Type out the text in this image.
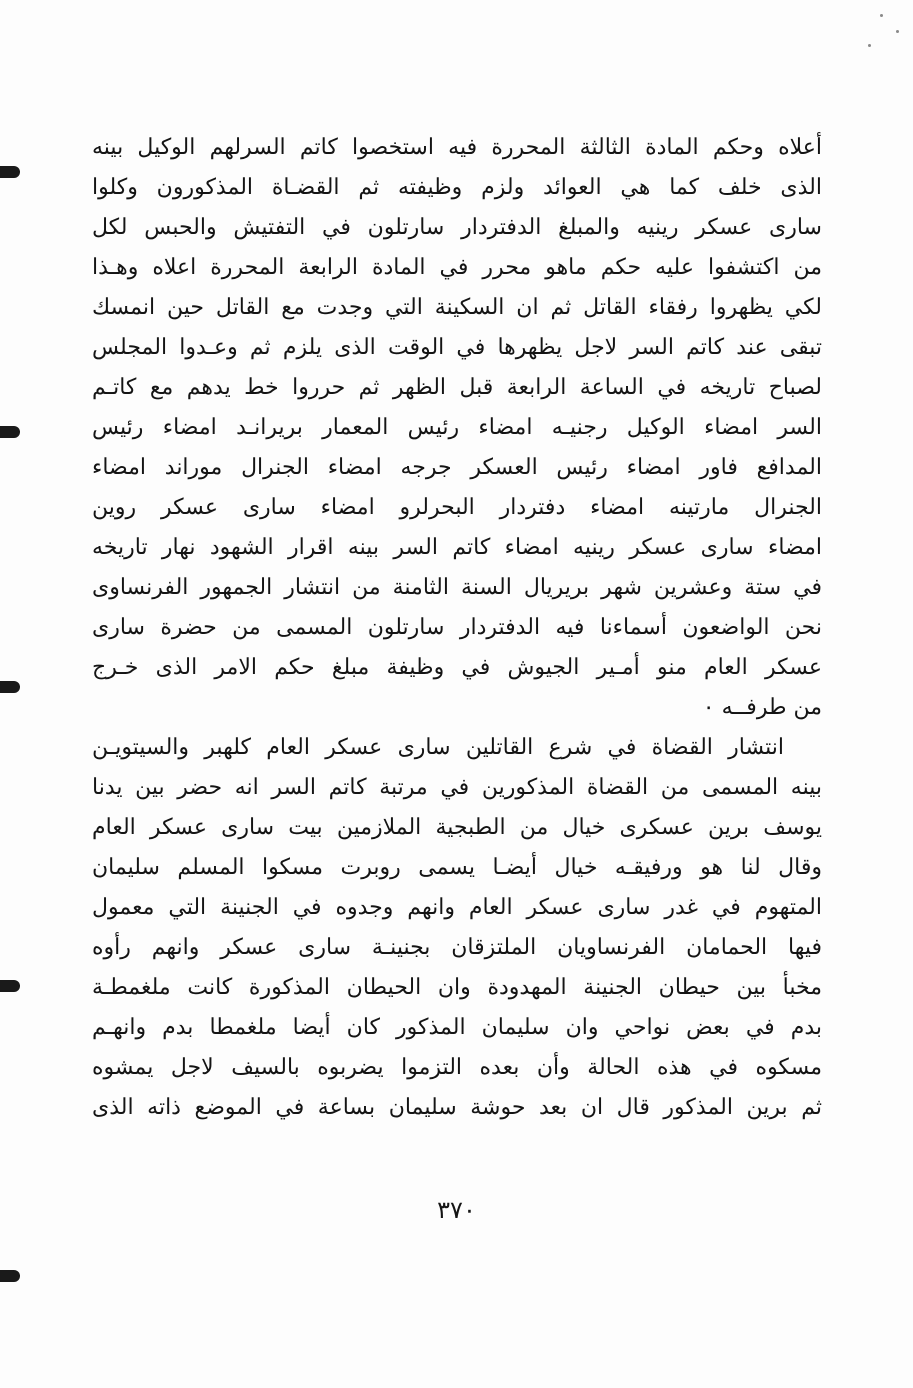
أعلاه وحكم المادة الثالثة المحررة فيه استخصوا كاتم السرلهم الوكيل بينه
الذى خلف كما هي العوائد ولزم وظيفته ثم القضـاة المذكورون وكلوا
سارى عسكر رينيه والمبلغ الدفتردار سارتلون في التفتيش والحبس لكل
من اكتشفوا عليه حكم ماهو محرر في المادة الرابعة المحررة اعلاه وهـذا
لكي يظهروا رفقاء القاتل ثم ان السكينة التي وجدت مع القاتل حين انمسك
تبقى عند كاتم السر لاجل يظهرها في الوقت الذى يلزم ثم وعـدوا المجلس
لصباح تاريخه في الساعة الرابعة قبل الظهر ثم حرروا خط يدهم مع كاتـم
السر امضاء الوكيل رجنيـه امضاء رئيس المعمار بريرانـد امضاء رئيس
المدافع فاور امضاء رئيس العسكر جرجه امضاء الجنرال موراند امضاء
الجنرال مارتينه امضاء دفتردار البحرلرو امضاء سارى عسكر روين
امضاء سارى عسكر رينيه امضاء كاتم السر بينه اقرار الشهود نهار تاريخه
في ستة وعشرين شهر بريريال السنة الثامنة من انتشار الجمهور الفرنساوى
نحن الواضعون أسماءنا فيه الدفتردار سارتلون المسمى من حضرة سارى
عسكر العام منو أمـير الجيوش في وظيفة مبلغ حكم الامر الذى خـرج
من طرفــه ٠
انتشار القضاة في شرع القاتلين سارى عسكر العام كلهبر والسيتويـن
بينه المسمى من القضاة المذكورين في مرتبة كاتم السر انه حضر بين يدنا
يوسف برين عسكرى خيال من الطبجية الملازمين بيت سارى عسكر العام
وقال لنا هو ورفيقـه خيال أيضـا يسمى روبرت مسكوا المسلم سليمان
المتهوم في غدر سارى عسكر العام وانهم وجدوه في الجنينة التي معمول
فيها الحمامان الفرنساويان الملتزقان بجنينـة سارى عسكر وانهم رأوه
مخبأ بين حيطان الجنينة المهدودة وان الحيطان المذكورة كانت ملغمطـة
بدم في بعض نواحي وان سليمان المذكور كان أيضا ملغمطا بدم وانهـم
مسكوه في هذه الحالة وأن بعده التزموا يضربوه بالسيف لاجل يمشوه
ثم برين المذكور قال ان بعد حوشة سليمان بساعة في الموضع ذاته الذى
٣٧٠
